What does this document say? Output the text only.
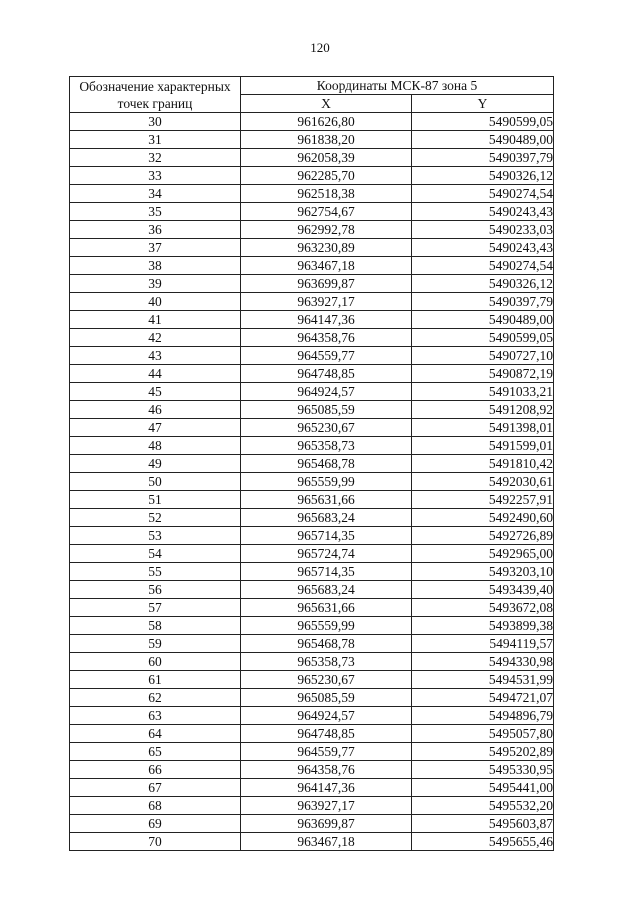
120
Обозначение характерных точек границ	Координаты МСК-87 зона 5	
	X	Y
30	961626,80	5490599,05
31	961838,20	5490489,00
32	962058,39	5490397,79
33	962285,70	5490326,12
34	962518,38	5490274,54
35	962754,67	5490243,43
36	962992,78	5490233,03
37	963230,89	5490243,43
38	963467,18	5490274,54
39	963699,87	5490326,12
40	963927,17	5490397,79
41	964147,36	5490489,00
42	964358,76	5490599,05
43	964559,77	5490727,10
44	964748,85	5490872,19
45	964924,57	5491033,21
46	965085,59	5491208,92
47	965230,67	5491398,01
48	965358,73	5491599,01
49	965468,78	5491810,42
50	965559,99	5492030,61
51	965631,66	5492257,91
52	965683,24	5492490,60
53	965714,35	5492726,89
54	965724,74	5492965,00
55	965714,35	5493203,10
56	965683,24	5493439,40
57	965631,66	5493672,08
58	965559,99	5493899,38
59	965468,78	5494119,57
60	965358,73	5494330,98
61	965230,67	5494531,99
62	965085,59	5494721,07
63	964924,57	5494896,79
64	964748,85	5495057,80
65	964559,77	5495202,89
66	964358,76	5495330,95
67	964147,36	5495441,00
68	963927,17	5495532,20
69	963699,87	5495603,87
70	963467,18	5495655,46
